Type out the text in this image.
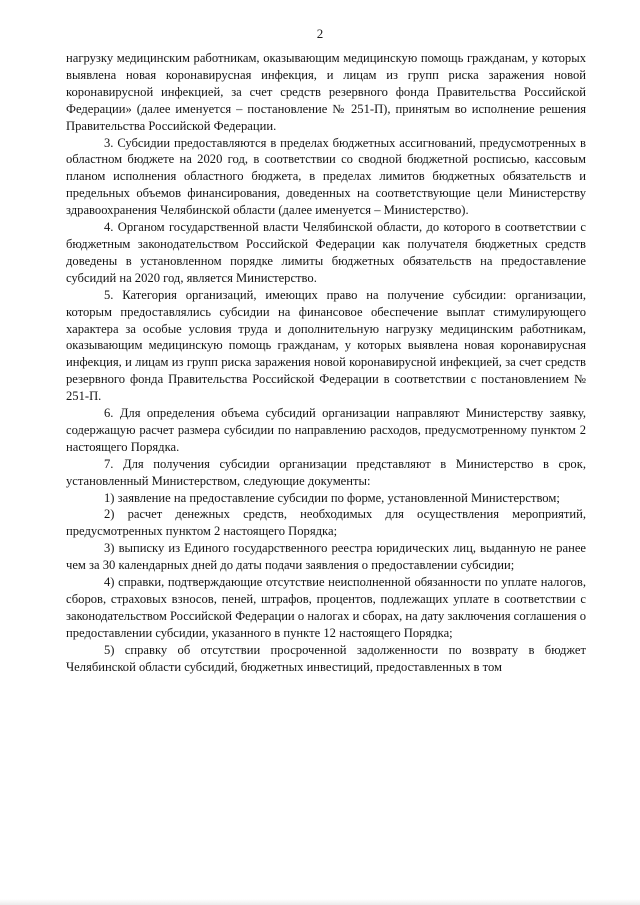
2

нагрузку медицинским работникам, оказывающим медицинскую помощь гражданам, у которых выявлена новая коронавирусная инфекция, и лицам из групп риска заражения новой коронавирусной инфекцией, за счет средств резервного фонда Правительства Российской Федерации» (далее именуется – постановление № 251-П), принятым во исполнение решения Правительства Российской Федерации.

3. Субсидии предоставляются в пределах бюджетных ассигнований, предусмотренных в областном бюджете на 2020 год, в соответствии со сводной бюджетной росписью, кассовым планом исполнения областного бюджета, в пределах лимитов бюджетных обязательств и предельных объемов финансирования, доведенных на соответствующие цели Министерству здравоохранения Челябинской области (далее именуется – Министерство).

4. Органом государственной власти Челябинской области, до которого в соответствии с бюджетным законодательством Российской Федерации как получателя бюджетных средств доведены в установленном порядке лимиты бюджетных обязательств на предоставление субсидий на 2020 год, является Министерство.

5. Категория организаций, имеющих право на получение субсидии: организации, которым предоставлялись субсидии на финансовое обеспечение выплат стимулирующего характера за особые условия труда и дополнительную нагрузку медицинским работникам, оказывающим медицинскую помощь гражданам, у которых выявлена новая коронавирусная инфекция, и лицам из групп риска заражения новой коронавирусной инфекцией, за счет средств резервного фонда Правительства Российской Федерации в соответствии с постановлением № 251-П.

6. Для определения объема субсидий организации направляют Министерству заявку, содержащую расчет размера субсидии по направлению расходов, предусмотренному пунктом 2 настоящего Порядка.

7. Для получения субсидии организации представляют в Министерство в срок, установленный Министерством, следующие документы:

1) заявление на предоставление субсидии по форме, установленной Министерством;

2) расчет денежных средств, необходимых для осуществления мероприятий, предусмотренных пунктом 2 настоящего Порядка;

3) выписку из Единого государственного реестра юридических лиц, выданную не ранее чем за 30 календарных дней до даты подачи заявления о предоставлении субсидии;

4) справки, подтверждающие отсутствие неисполненной обязанности по уплате налогов, сборов, страховых взносов, пеней, штрафов, процентов, подлежащих уплате в соответствии с законодательством Российской Федерации о налогах и сборах, на дату заключения соглашения о предоставлении субсидии, указанного в пункте 12 настоящего Порядка;

5) справку об отсутствии просроченной задолженности по возврату в бюджет Челябинской области субсидий, бюджетных инвестиций, предоставленных в том
